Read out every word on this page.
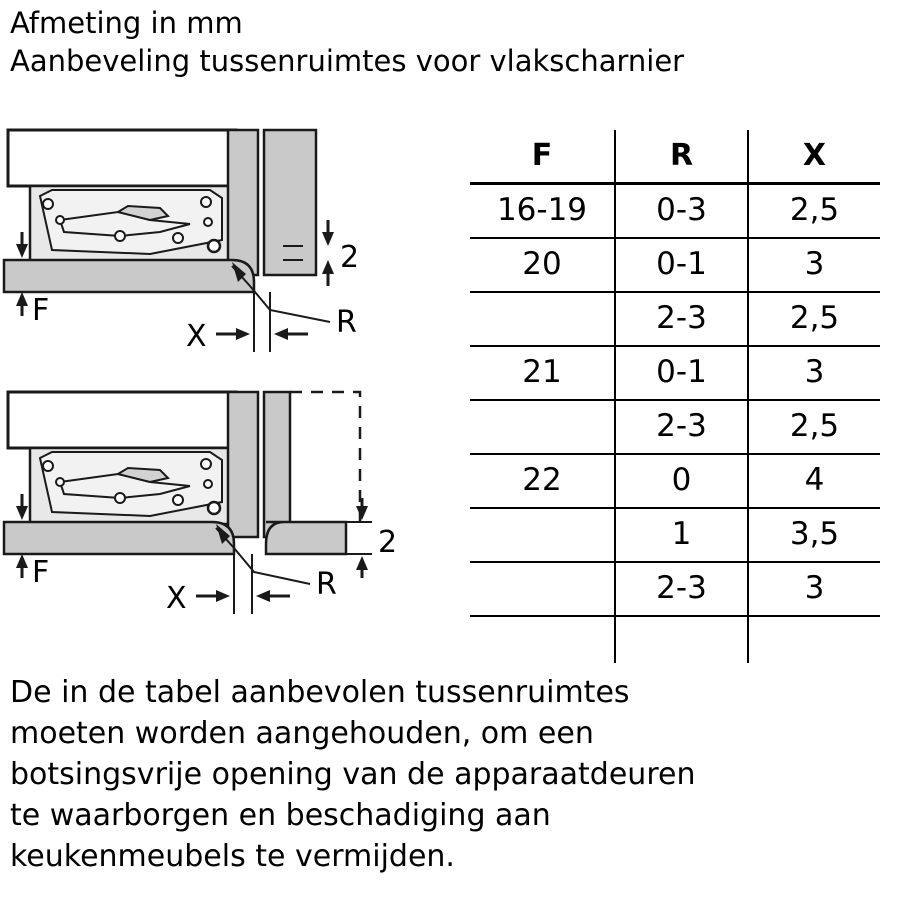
Afmeting in mm
Aanbeveling tussenruimtes voor vlakscharnier
F
2
R
X
F
2
R
X
F	R	X
16-19	0-3	2,5
20	0-1	3
	2-3	2,5
21	0-1	3
	2-3	2,5
22	0	4
	1	3,5
	2-3	3

De in de tabel aanbevolen tussenruimtes
moeten worden aangehouden, om een
botsingsvrije opening van de apparaatdeuren
te waarborgen en beschadiging aan
keukenmeubels te vermijden.
